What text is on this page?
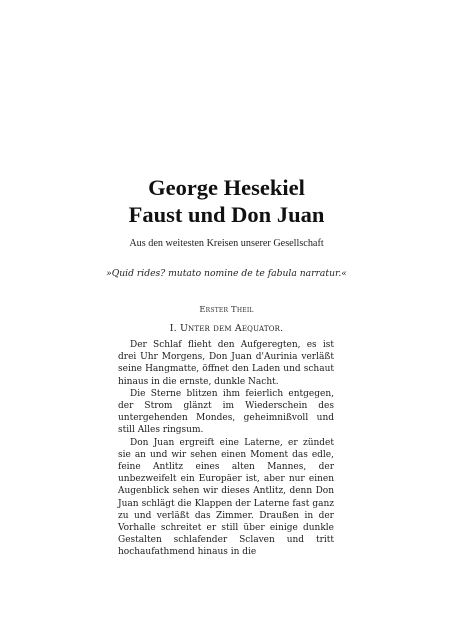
George Hesekiel
Faust und Don Juan
Aus den weitesten Kreisen unserer Gesellschaft
»Quid rides? mutato nomine de te fabula narratur.«
Erster Theil
I. Unter dem Aequator.

Der Schlaf flieht den Aufgeregten, es ist drei Uhr Morgens, Don Juan d'Aurinia verläßt seine Hangmatte, öffnet den Laden und schaut hinaus in die ernste, dunkle Nacht.

Die Sterne blitzen ihm feierlich entgegen, der Strom glänzt im Wiederschein des untergehenden Mondes, geheimnißvoll und still Alles ringsum.

Don Juan ergreift eine Laterne, er zündet sie an und wir sehen einen Moment das edle, feine Antlitz eines alten Mannes, der unbezweifelt ein Europäer ist, aber nur einen Augenblick sehen wir dieses Antlitz, denn Don Juan schlägt die Klappen der Laterne fast ganz zu und verläßt das Zimmer. Draußen in der Vorhalle schreitet er still über einige dunkle Gestalten schlafender Sclaven und tritt hochaufathmend hinaus in die
